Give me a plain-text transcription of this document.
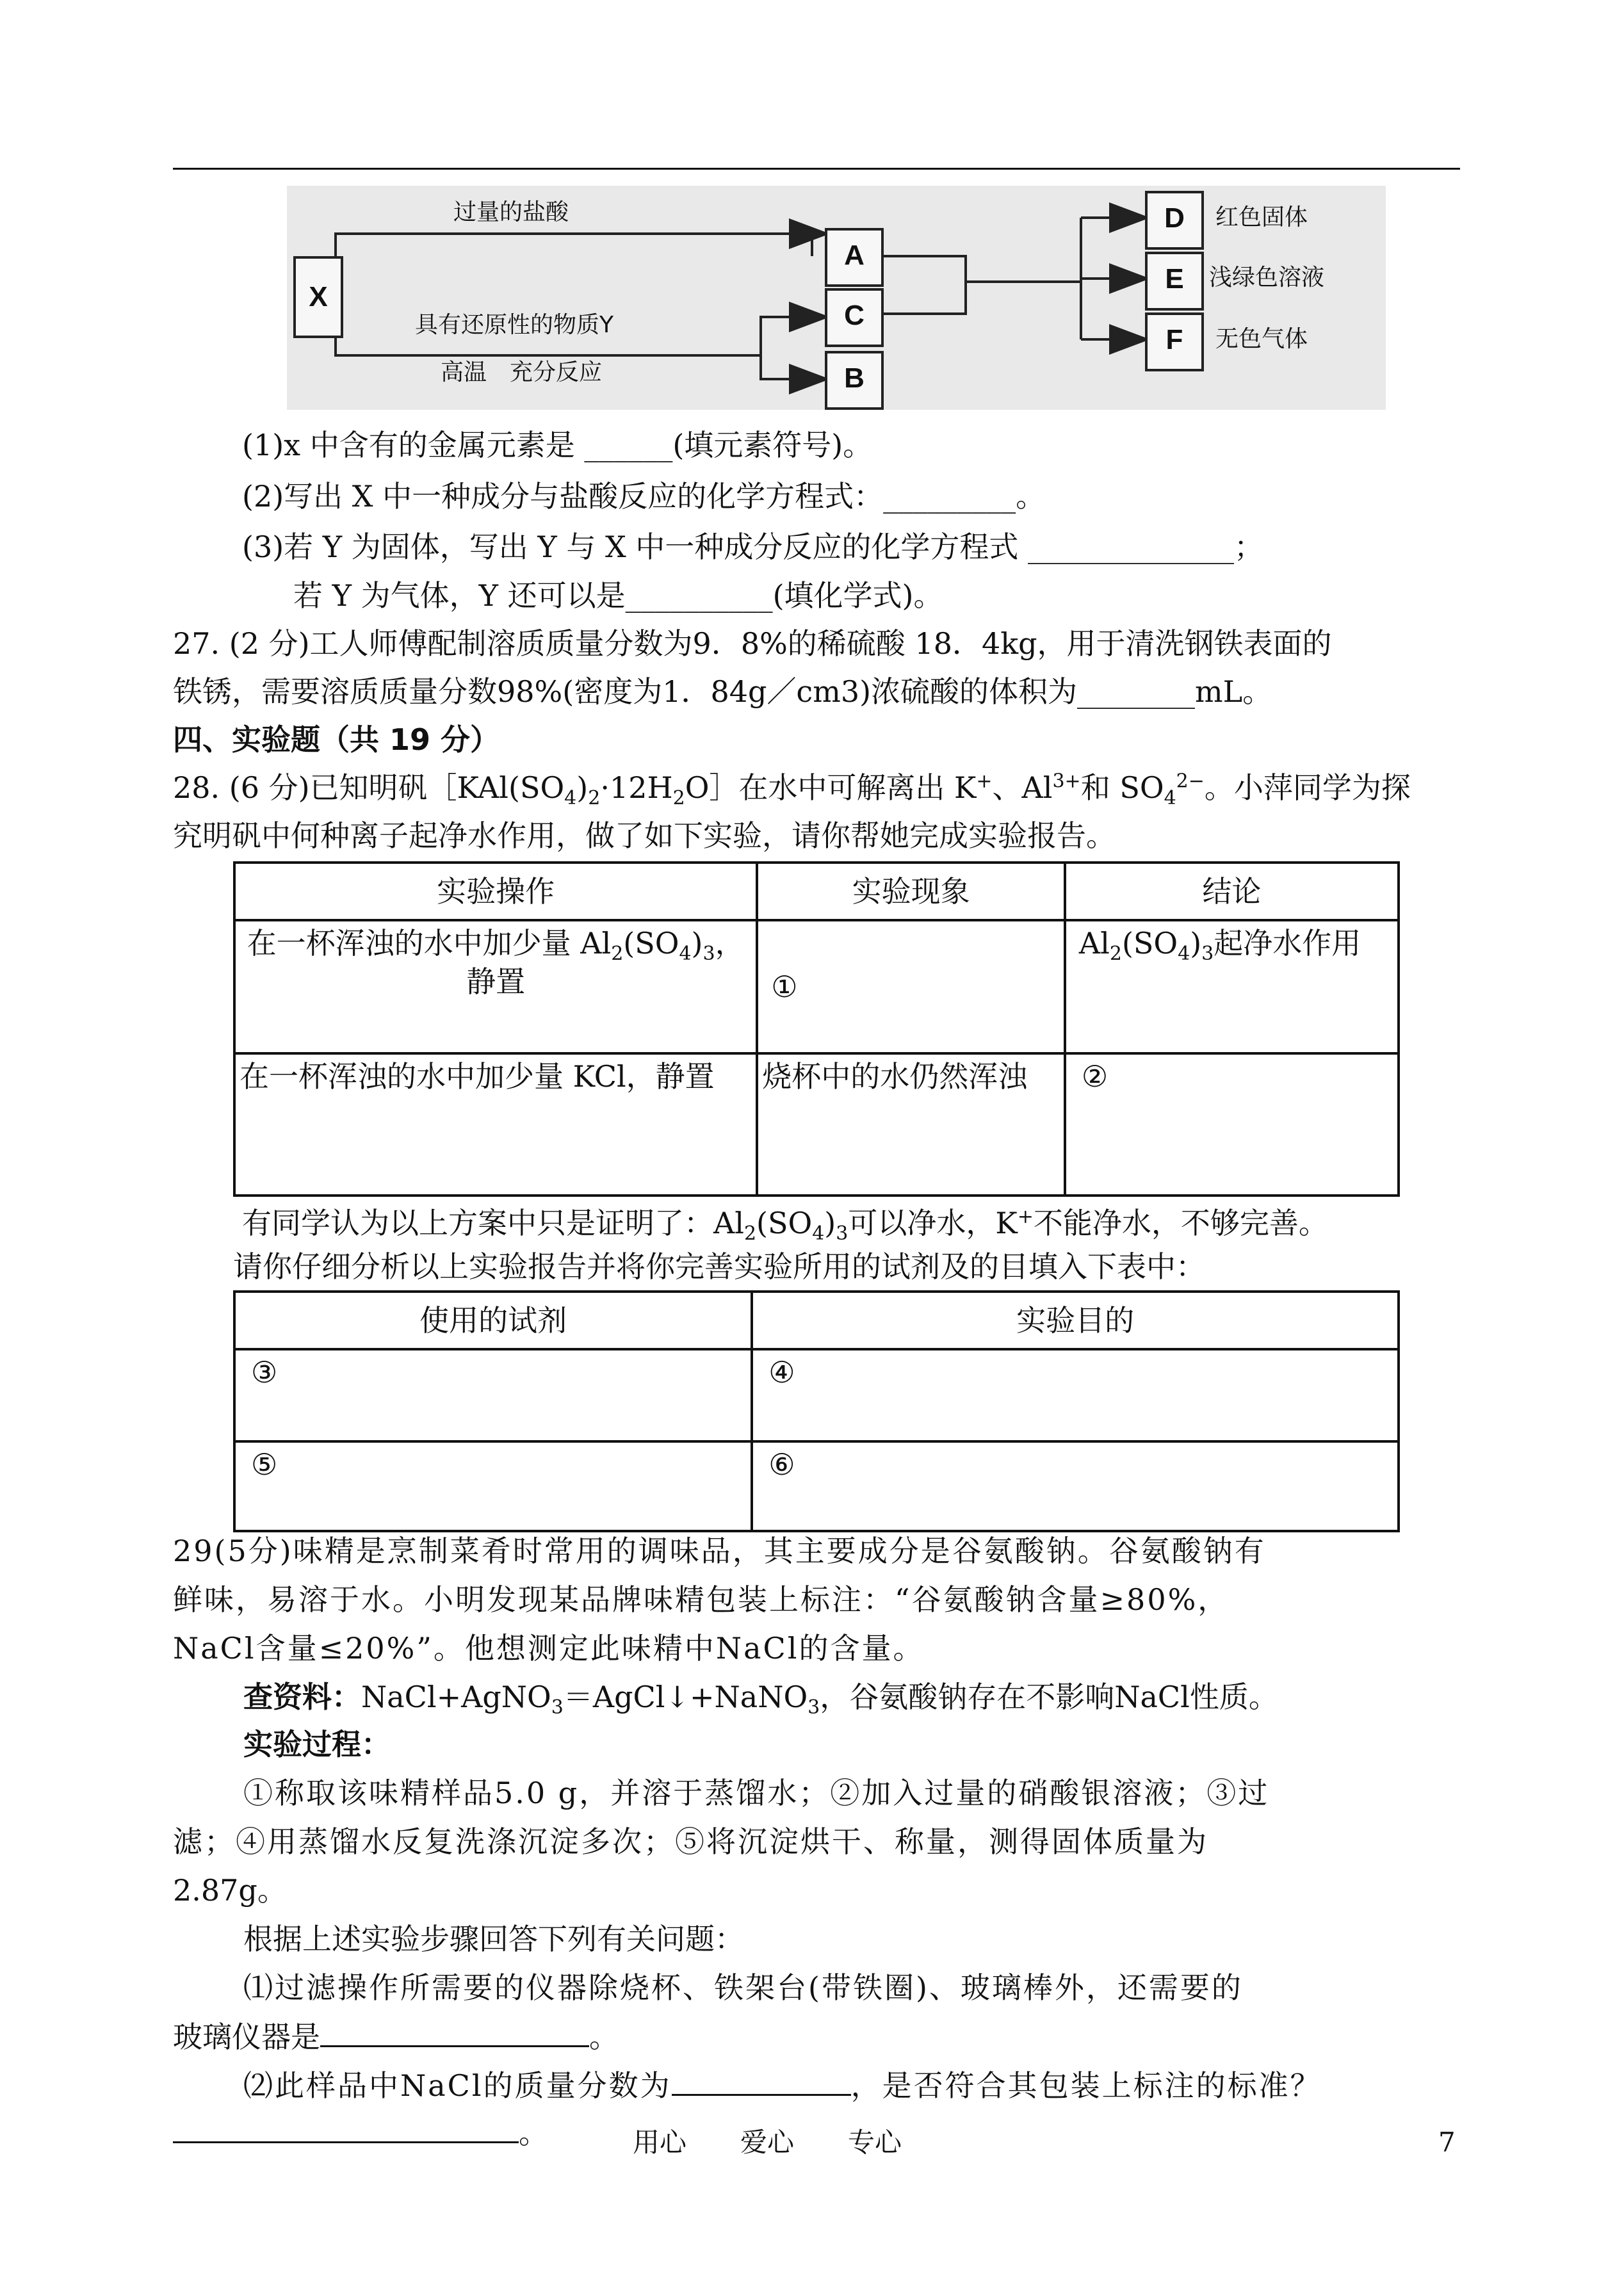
X
A
C
B
D
E
F
过量的盐酸
具有还原性的物质Y
高温　充分反应
红色固体
浅绿色溶液
无色气体
(1)x 中含有的金属元素是 ______(填元素符号)。
(2)写出 X 中一种成分与盐酸反应的化学方程式：_________。
(3)若 Y 为固体，写出 Y 与 X 中一种成分反应的化学方程式 ______________；
若 Y 为气体，Y 还可以是__________(填化学式)。
27. (2 分)工人师傅配制溶质质量分数为9．8%的稀硫酸 18．4kg，用于清洗钢铁表面的
铁锈，需要溶质质量分数98%(密度为1．84g／cm3)浓硫酸的体积为________mL。
四、实验题（共 19 分）
28. (6 分)已知明矾$[KAl(SO_4)_2\cdot 12H_2O]$在水中可解离出 K+、$Al^{3+}$和 $SO_4^{2-}$。小萍同学为探
究明矾中何种离子起净水作用，做了如下实验，请你帮她完成实验报告。
实验操作	实验现象	结论
在一杯浑浊的水中加少量 $Al_2(SO_4)_3$，
静置	①	$Al_2(SO_4)_3$起净水作用
在一杯浑浊的水中加少量 KCl，静置	烧杯中的水仍然浑浊	②
有同学认为以上方案中只是证明了：$Al_2(SO_4)_3$可以净水，K+不能净水，不够完善。
请你仔细分析以上实验报告并将你完善实验所用的试剂及的目填入下表中：
使用的试剂	实验目的
③	④
⑤	⑥
29(5分)味精是烹制菜肴时常用的调味品，其主要成分是谷氨酸钠。谷氨酸钠有
鲜味，易溶于水。小明发现某品牌味精包装上标注：“谷氨酸钠含量≥80%，
NaCl含量≤20%”。他想测定此味精中NaCl的含量。
查资料：NaCl+AgNO$_3$＝AgCl↓+NaNO$_3$，谷氨酸钠存在不影响NaCl性质。
实验过程：
①称取该味精样品5.0 g，并溶于蒸馏水；②加入过量的硝酸银溶液；③过
滤；④用蒸馏水反复洗涤沉淀多次；⑤将沉淀烘干、称量，测得固体质量为
2.87g。
根据上述实验步骤回答下列有关问题：
⑴过滤操作所需要的仪器除烧杯、铁架台(带铁圈)、玻璃棒外，还需要的
玻璃仪器是	。
⑵此样品中NaCl的质量分数为	，是否符合其包装上标注的标准？
。	用心　　爱心　　专心	7
